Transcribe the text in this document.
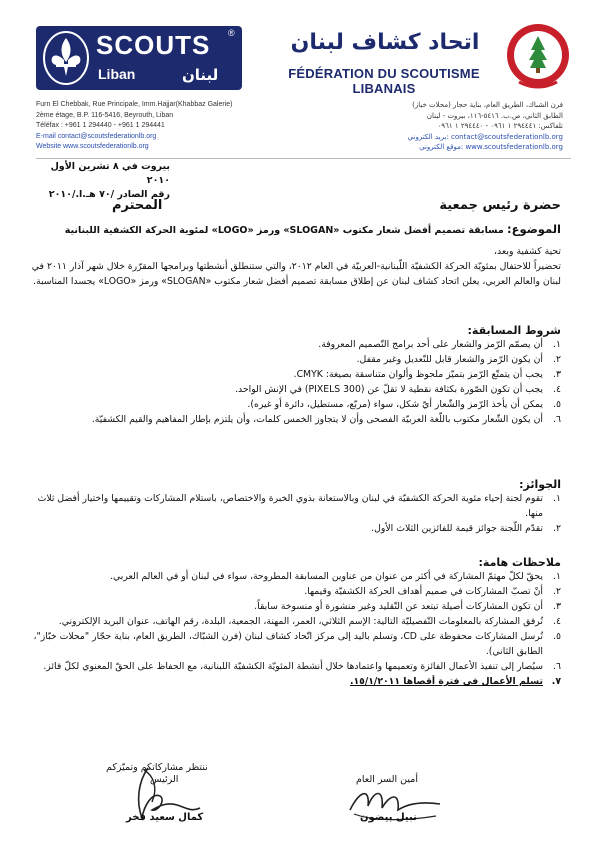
SCOUTS ®
Liban	لبنان
اتحاد كشاف لبنان
FÉDÉRATION DU SCOUTISME LIBANAIS
Furn El Chebbak, Rue Principale, Imm.Hajjar(Khabbaz Galerie)
2ème étage, B.P. 116-5416, Beyrouth, Liban
Téléfax : +961 1 294440 - +961 1 294441
E-mail contact@scoutsfederationlb.org
Website www.scoutsfederationlb.org
فرن الشباك، الطريق العام، بناية حجار (محلات خباز)
الطابق الثاني، ص.ب. ٥٤١٦-١١٦، بيروت - لبنان
تلفاكس: ٢٩٤٤٤١ ١ ٠٩٦١ - ٢٩٤٤٤٠ ١ ٠٩٦١
بريد الكتروني: contact@scoutsfederationlb.org
موقع الكتروني: www.scoutsfederationlb.org
بيروت في ٨ تشرين الأول ٢٠١٠
رقم الصادر /٧٠ هـ.ا./٢٠١٠
حضرة رئيس جمعية
المحترم
الموضوع: مسابقة تصميم أفضل شعار مكتوب «SLOGAN» ورمز «LOGO» لمئوية الحركة الكشفية اللبنانية
تحية كشفية وبعد،
تحضيراً للاحتفال بمئويّة الحركة الكشفيّة اللّبنانية-العربيّة في العام ٢٠١٢، والتي ستنطلق أنشطتها وبرامجها المقرّرة خلال شهر آذار ٢٠١١ في لبنان والعالم العربي، يعلن اتحاد كشاف لبنان عن إطلاق مسابقة تصميم أفضل شعار مكتوب «SLOGAN» ورمز «LOGO» يجسدا المناسبة.
شروط المسابقة:
١.
أن يصمّم الرّمز والشعار على أحد برامج التّصميم المعروفة.
٢.
أن يكون الرّمز والشعار قابل للتّعديل وغير مقفل.
٣.
يجب أن يتمتّع الرّمز بتميّز ملحوظ وألوان متناسقة بصيغة: CMYK.
٤.
يجب أن تكون الصّورة بكثافة نقطية لا تقلّ عن (300 PIXELS) في الإنش الواحد.
٥.
يمكن أن يأخذ الرّمز والشّعار أيّ شكل، سواء (مربّع، مستطيل، دائرة أو غيره).
٦.
أن يكون الشّعار مكتوب باللّغة العربيّة الفصحى وأن لا يتجاوز الخمس كلمات، وأن يلتزم بإطار المفاهيم والقيم الكشفيّة.
الجوائز:
١.
تقوم لجنة إحياء مئوية الحركة الكشفيّة في لبنان وبالاستعانة بذوي الخبرة والاختصاص، باستلام المشاركات وتقييمها واختيار أفضل ثلاث منها.
٢.
تقدّم اللّجنة جوائز قيمة للفائزين الثلاث الأول.
ملاحظات هامة:
١.
يحقّ لكلّ مهتمّ المشاركة في أكثر من عنوان من عناوين المسابقة المطروحة، سواء في لبنان أو في العالم العربي.
٢.
أنْ تصبّ المشاركات في صميم أهداف الحركة الكشفيّة وقيمها.
٣.
أن تكون المشاركات أصيلة تبتعد عن التّقليد وغير منشورة أو منسوخة سابقاً.
٤.
تُرفق المشاركة بالمعلومات التّفصيليّة التالية: الإسم الثلاثي، العمر، المهنة، الجمعية، البلدة، رقم الهاتف، عنوان البريد الإلكتروني.
٥.
تُرسل المشاركات محفوظة على CD، وتسلم باليد إلى مركز اتّحاد كشاف لبنان (فرن الشبّاك، الطريق العام، بناية حجّار "محلات خبّاز"، الطابق الثاني).
٦.
سيُصار إلى تنفيذ الأعمال الفائزة وتعميمها واعتمادها خلال أنشطة المئويّة الكشفيّة اللبنانية، مع الحفاظ على الحقّ المعنوي لكلّ فائز.
٧.
تسلم الأعمال في فترة أقصاها ١٥/١/٢٠١١.
ننتظر مشاركاتكم وتميّزكم
الرئيس	أمين السر العام
كمال سعيد فخر	نبيل بيضون
